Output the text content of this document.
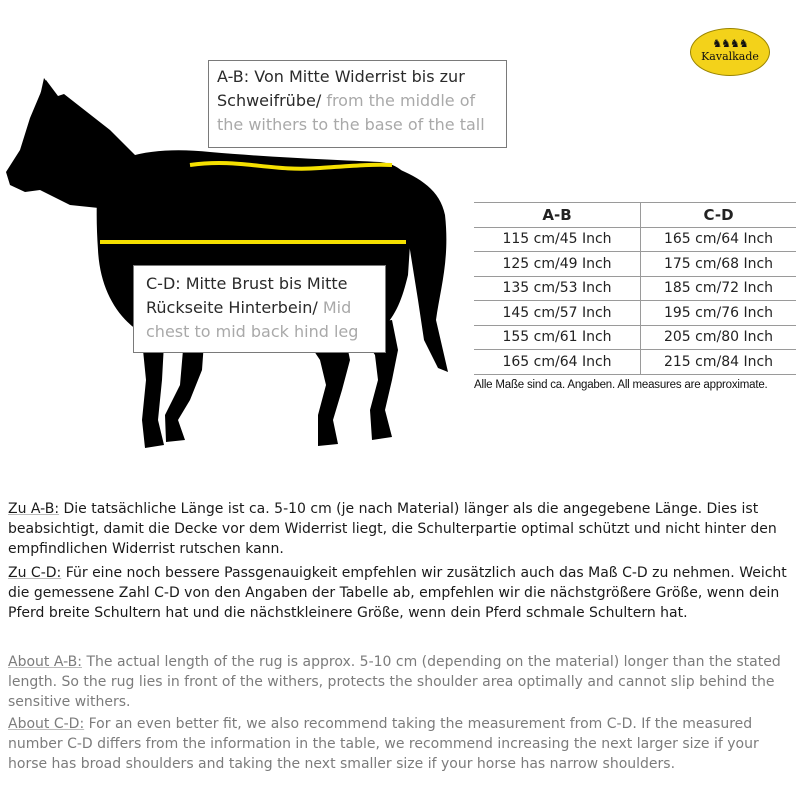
A-B: Von Mitte Widerrist bis zur Schweifrübe/ from the middle of the withers to the base of the tall
C-D: Mitte Brust bis Mitte Rückseite Hinterbein/ Mid chest to mid back hind leg
♞♞♞♞
Kavalkade
A-B	C-D
115 cm/45 Inch	165 cm/64 Inch
125 cm/49 Inch	175 cm/68 Inch
135 cm/53 Inch	185 cm/72 Inch
145 cm/57 Inch	195 cm/76 Inch
155 cm/61 Inch	205 cm/80 Inch
165 cm/64 Inch	215 cm/84 Inch
Alle Maße sind ca. Angaben. All measures are approximate.

Zu A-B: Die tatsächliche Länge ist ca. 5-10 cm (je nach Material) länger als die angegebene Länge. Dies ist beabsichtigt, damit die Decke vor dem Widerrist liegt, die Schulterpartie optimal schützt und nicht hinter den empfindlichen Widerrist rutschen kann.

Zu C-D: Für eine noch bessere Passgenauigkeit empfehlen wir zusätzlich auch das Maß C-D zu nehmen. Weicht die gemessene Zahl C-D von den Angaben der Tabelle ab, empfehlen wir die nächstgrößere Größe, wenn dein Pferd breite Schultern hat und die nächstkleinere Größe, wenn dein Pferd schmale Schultern hat.

About A-B: The actual length of the rug is approx. 5-10 cm (depending on the material) longer than the stated length. So the rug lies in front of the withers, protects the shoulder area optimally and cannot slip behind the sensitive withers.

About C-D: For an even better fit, we also recommend taking the measurement from C-D. If the measured number C-D differs from the information in the table, we recommend increasing the next larger size if your horse has broad shoulders and taking the next smaller size if your horse has narrow shoulders.
